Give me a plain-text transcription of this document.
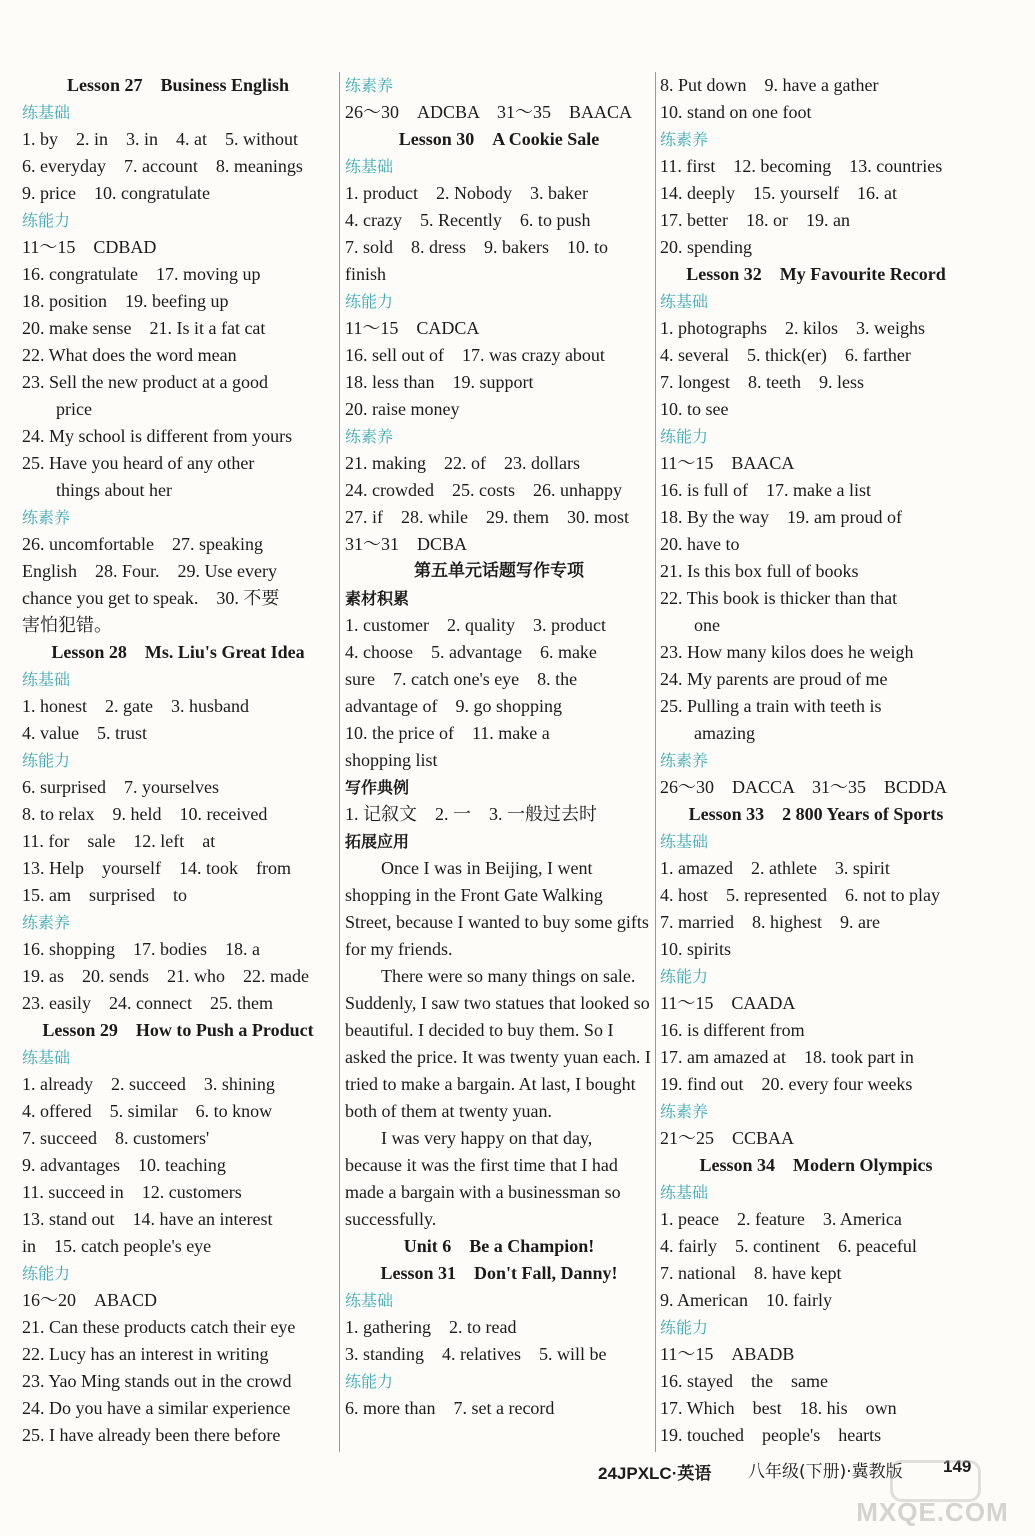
Lesson 27　Business English
练基础
1. by　2. in　3. in　4. at　5. without
6. everyday　7. account　8. meanings
9. price　10. congratulate
练能力
11～15　CDBAD
16. congratulate　17. moving up
18. position　19. beefing up
20. make sense　21. Is it a fat cat
22. What does the word mean
23. Sell the new product at a good
price
24. My school is different from yours
25. Have you heard of any other
things about her
练素养
26. uncomfortable　27. speaking
English　28. Four.　29. Use every
chance you get to speak.　30. 不要
害怕犯错。
Lesson 28　Ms. Liu's Great Idea
练基础
1. honest　2. gate　3. husband
4. value　5. trust
练能力
6. surprised　7. yourselves
8. to relax　9. held　10. received
11. for　sale　12. left　at
13. Help　yourself　14. took　from
15. am　surprised　to
练素养
16. shopping　17. bodies　18. a
19. as　20. sends　21. who　22. made
23. easily　24. connect　25. them
Lesson 29　How to Push a Product
练基础
1. already　2. succeed　3. shining
4. offered　5. similar　6. to know
7. succeed　8. customers'
9. advantages　10. teaching
11. succeed in　12. customers
13. stand out　14. have an interest
in　15. catch people's eye
练能力
16～20　ABACD
21. Can these products catch their eye
22. Lucy has an interest in writing
23. Yao Ming stands out in the crowd
24. Do you have a similar experience
25. I have already been there before
练素养
26～30　ADCBA　31～35　BAACA
Lesson 30　A Cookie Sale
练基础
1. product　2. Nobody　3. baker
4. crazy　5. Recently　6. to push
7. sold　8. dress　9. bakers　10. to
finish
练能力
11～15　CADCA
16. sell out of　17. was crazy about
18. less than　19. support
20. raise money
练素养
21. making　22. of　23. dollars
24. crowded　25. costs　26. unhappy
27. if　28. while　29. them　30. most
31～31　DCBA
第五单元话题写作专项
素材积累
1. customer　2. quality　3. product
4. choose　5. advantage　6. make
sure　7. catch one's eye　8. the
advantage of　9. go shopping
10. the price of　11. make a
shopping list
写作典例
1. 记叙文　2. 一　3. 一般过去时
拓展应用
Once I was in Beijing, I went shopping in the Front Gate Walking Street, because I wanted to buy some gifts for my friends.
There were so many things on sale. Suddenly, I saw two statues that looked so beautiful. I decided to buy them. So I asked the price. It was twenty yuan each. I tried to make a bargain. At last, I bought both of them at twenty yuan.
I was very happy on that day, because it was the first time that I had made a bargain with a businessman so successfully.
Unit 6　Be a Champion!
Lesson 31　Don't Fall, Danny!
练基础
1. gathering　2. to read
3. standing　4. relatives　5. will be
练能力
6. more than　7. set a record
8. Put down　9. have a gather
10. stand on one foot
练素养
11. first　12. becoming　13. countries
14. deeply　15. yourself　16. at
17. better　18. or　19. an
20. spending
Lesson 32　My Favourite Record
练基础
1. photographs　2. kilos　3. weighs
4. several　5. thick(er)　6. farther
7. longest　8. teeth　9. less
10. to see
练能力
11～15　BAACA
16. is full of　17. make a list
18. By the way　19. am proud of
20. have to
21. Is this box full of books
22. This book is thicker than that
one
23. How many kilos does he weigh
24. My parents are proud of me
25. Pulling a train with teeth is
amazing
练素养
26～30　DACCA　31～35　BCDDA
Lesson 33　2 800 Years of Sports
练基础
1. amazed　2. athlete　3. spirit
4. host　5. represented　6. not to play
7. married　8. highest　9. are
10. spirits
练能力
11～15　CAADA
16. is different from
17. am amazed at　18. took part in
19. find out　20. every four weeks
练素养
21～25　CCBAA
Lesson 34　Modern Olympics
练基础
1. peace　2. feature　3. America
4. fairly　5. continent　6. peaceful
7. national　8. have kept
9. American　10. fairly
练能力
11～15　ABADB
16. stayed　the　same
17. Which　best　18. his　own
19. touched　people's　hearts
24JPXLC·英语 八年级(下册)·冀教版 149
MXQE.COM
